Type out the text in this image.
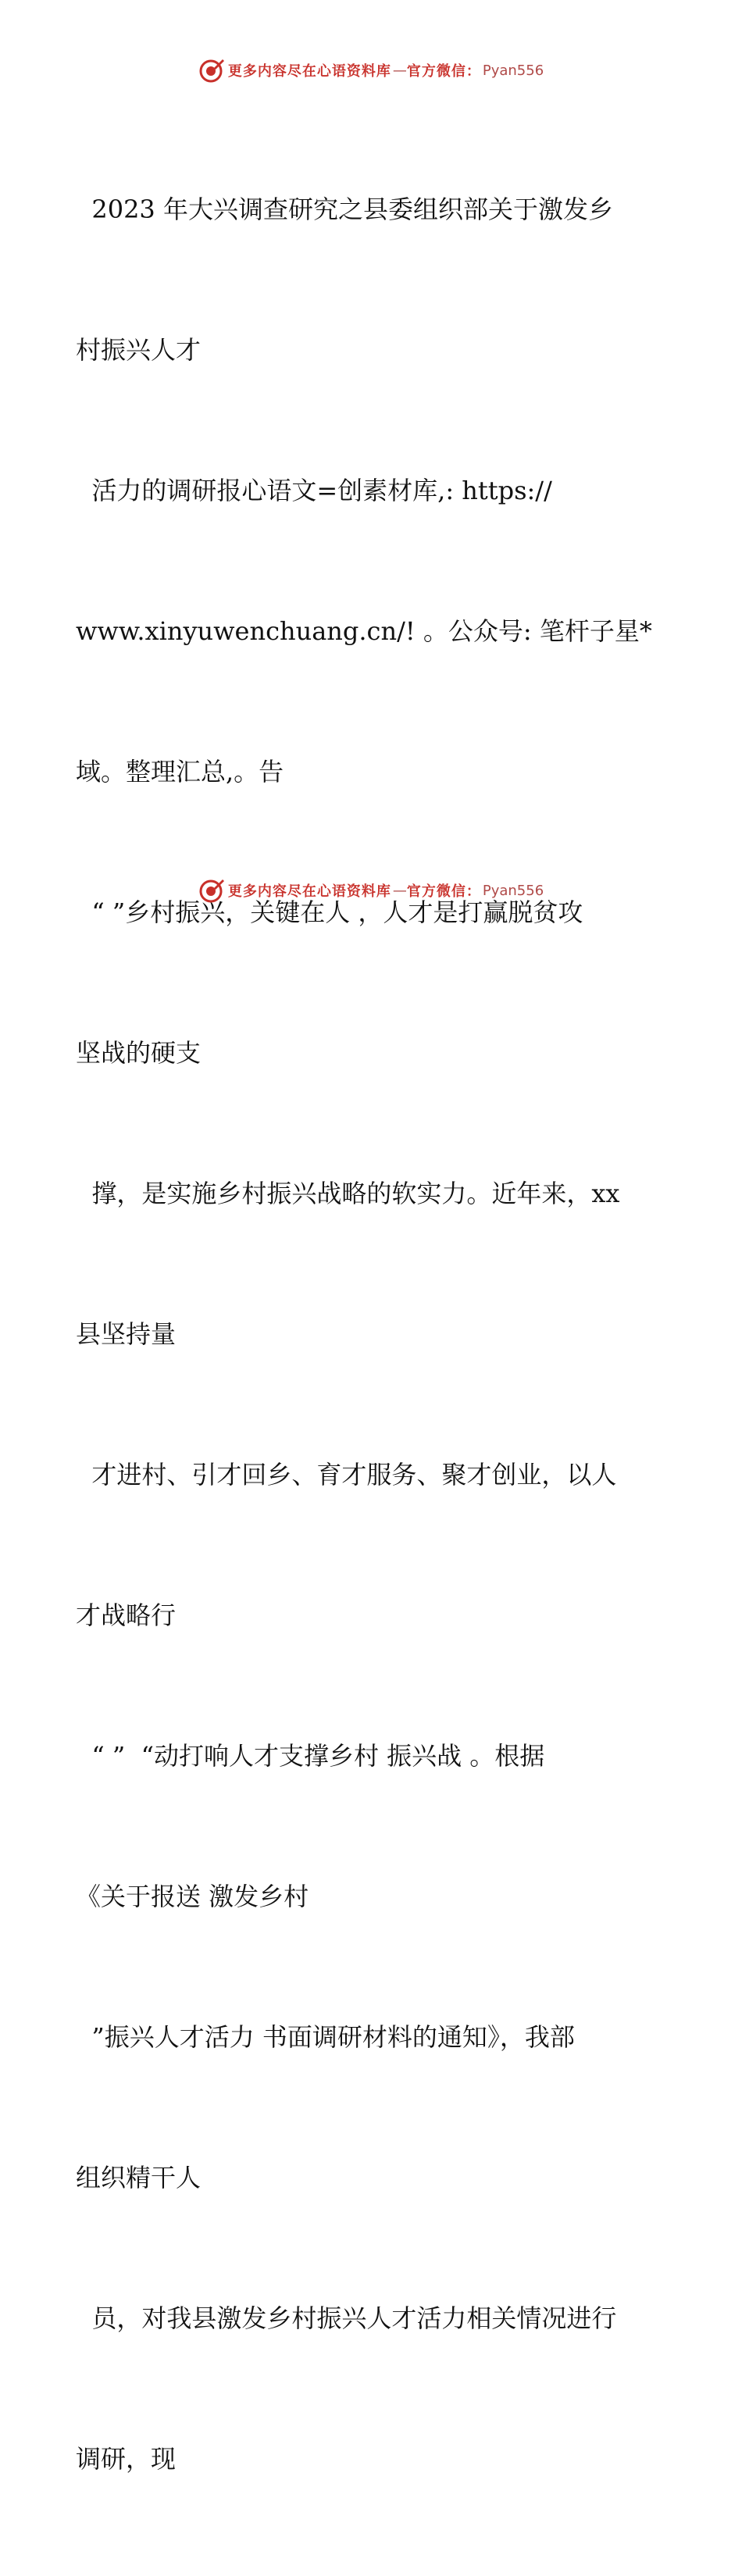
更多内容尽在心语资料库 — 官方微信： Pyan556

2023 年大兴调查研究之县委组织部关于激发乡

村振兴人才

活力的调研报心语文=创素材库,: https://

www.xinyuwenchuang.cn/! 。公众号: 笔杆子星*

域。整理汇总,。告

“ ”乡村振兴，关键在人 ，人才是打赢脱贫攻

坚战的硬支

撑，是实施乡村振兴战略的软实力。近年来，xx

县坚持量

才进村、引才回乡、育才服务、聚才创业，以人

才战略行

“ ”  “动打响人才支撑乡村 振兴战 。根据

《关于报送 激发乡村

”振兴人才活力 书面调研材料的通知》，我部

组织精干人

员，对我县激发乡村振兴人才活力相关情况进行

调研，现

更多内容尽在心语资料库 — 官方微信： Pyan556
